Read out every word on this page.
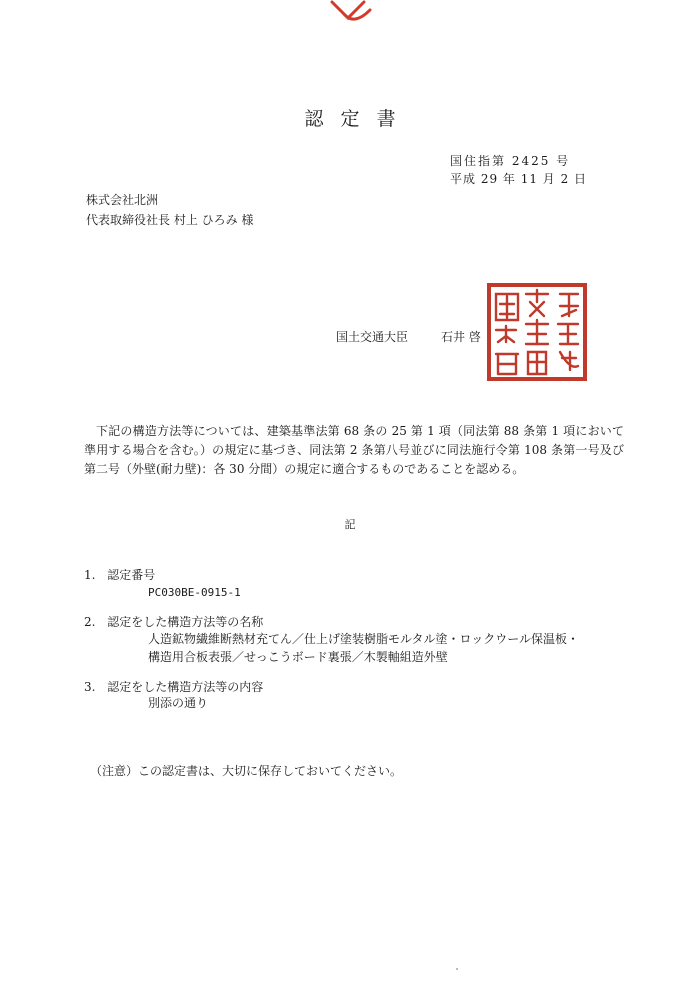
認定書
国住指第 2425 号
平成 29 年 11 月 2 日
株式会社北洲
代表取締役社長 村上 ひろみ 様
国土交通大臣	石井 啓

下記の構造方法等については、建築基準法第 68 条の 25 第 1 項（同法第 88 条第 1 項において準用する場合を含む。）の規定に基づき、同法第 2 条第八号並びに同法施行令第 108 条第一号及び第二号（外壁(耐力壁)：各 30 分間）の規定に適合するものであることを認める。

記
1. 認定番号
PC030BE-0915-1
2. 認定をした構造方法等の名称
人造鉱物繊維断熱材充てん／仕上げ塗装樹脂モルタル塗・ロックウール保温板・構造用合板表張／せっこうボード裏張／木製軸組造外壁
3. 認定をした構造方法等の内容
別添の通り
（注意）この認定書は、大切に保存しておいてください。
